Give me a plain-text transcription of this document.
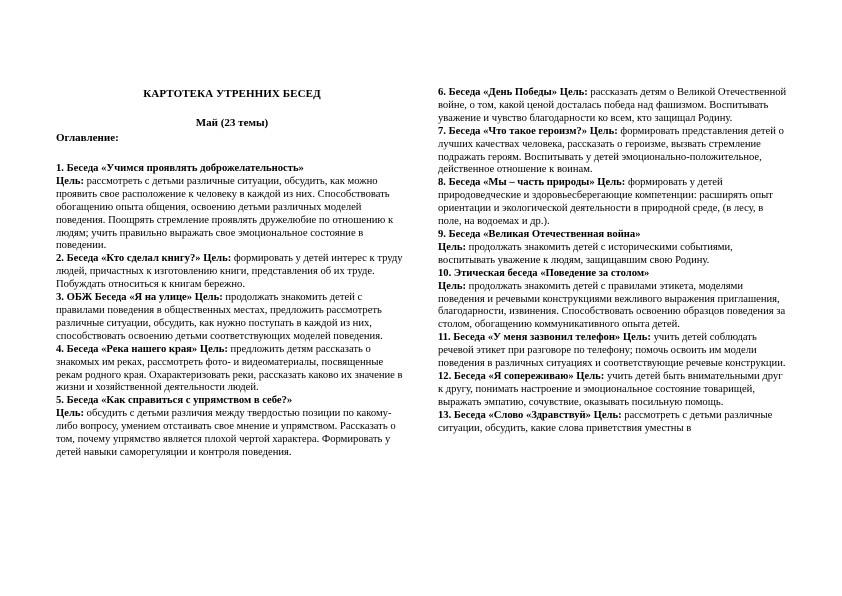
КАРТОТЕКА УТРЕННИХ БЕСЕД
Май (23 темы)
Оглавление:
1. Беседа «Учимся проявлять доброжелательность»
Цель: рассмотреть с детьми различные ситуации, обсудить, как можно проявить свое расположение к человеку в каждой из них. Способствовать обогащению опыта общения, освоению детьми различных моделей поведения. Поощрять стремление проявлять дружелюбие по отношению к людям; учить правильно выражать свое эмоциональное состояние в поведении.
2. Беседа «Кто сделал книгу?» Цель: формировать у детей интерес к труду людей, причастных к изготовлению книги, представления об их труде. Побуждать относиться к книгам бережно.
3. ОБЖ Беседа «Я на улице» Цель: продолжать знакомить детей с правилами поведения в общественных местах, предложить рассмотреть различные ситуации, обсудить, как нужно поступать в каждой из них, способствовать освоению детьми соответствующих моделей поведения.
4. Беседа «Река нашего края» Цель: предложить детям рассказать о знакомых им реках, рассмотреть фото- и видеоматериалы, посвященные рекам родного края. Охарактеризовать реки, рассказать каково их значение в жизни и хозяйственной деятельности людей.
5. Беседа «Как справиться с упрямством в себе?»
Цель: обсудить с детьми различия между твердостью позиции по какому-либо вопросу, умением отстаивать свое мнение и упрямством. Рассказать о том, почему упрямство является плохой чертой характера. Формировать у детей навыки саморегуляции и контроля поведения.
6. Беседа «День Победы» Цель: рассказать детям о Великой Отечественной войне, о том, какой ценой досталась победа над фашизмом. Воспитывать уважение и чувство благодарности ко всем, кто защищал Родину.
7. Беседа «Что такое героизм?» Цель: формировать представления детей о лучших качествах человека, рассказать о героизме, вызвать стремление подражать героям. Воспитывать у детей эмоционально-положительное, действенное отношение к воинам.
8. Беседа «Мы – часть природы» Цель: формировать у детей природоведческие и здоровьесберегающие компетенции: расширять опыт ориентации и экологической деятельности в природной среде, (в лесу, в поле, на водоемах и др.).
9. Беседа «Великая Отечественная война»
Цель: продолжать знакомить детей с историческими событиями, воспитывать уважение к людям, защищавшим свою Родину.
10. Этическая беседа «Поведение за столом»
Цель: продолжать знакомить детей с правилами этикета, моделями поведения и речевыми конструкциями вежливого выражения приглашения, благодарности, извинения. Способствовать освоению образцов поведения за столом, обогащению коммуникативного опыта детей.
11. Беседа «У меня зазвонил телефон» Цель: учить детей соблюдать речевой этикет при разговоре по телефону; помочь освоить им модели поведения в различных ситуациях и соответствующие речевые конструкции.
12. Беседа «Я сопереживаю» Цель: учить детей быть внимательными друг к другу, понимать настроение и эмоциональное состояние товарищей, выражать эмпатию, сочувствие, оказывать посильную помощь.
13. Беседа «Слово «Здравствуй» Цель: рассмотреть с детьми различные ситуации, обсудить, какие слова приветствия уместны в
